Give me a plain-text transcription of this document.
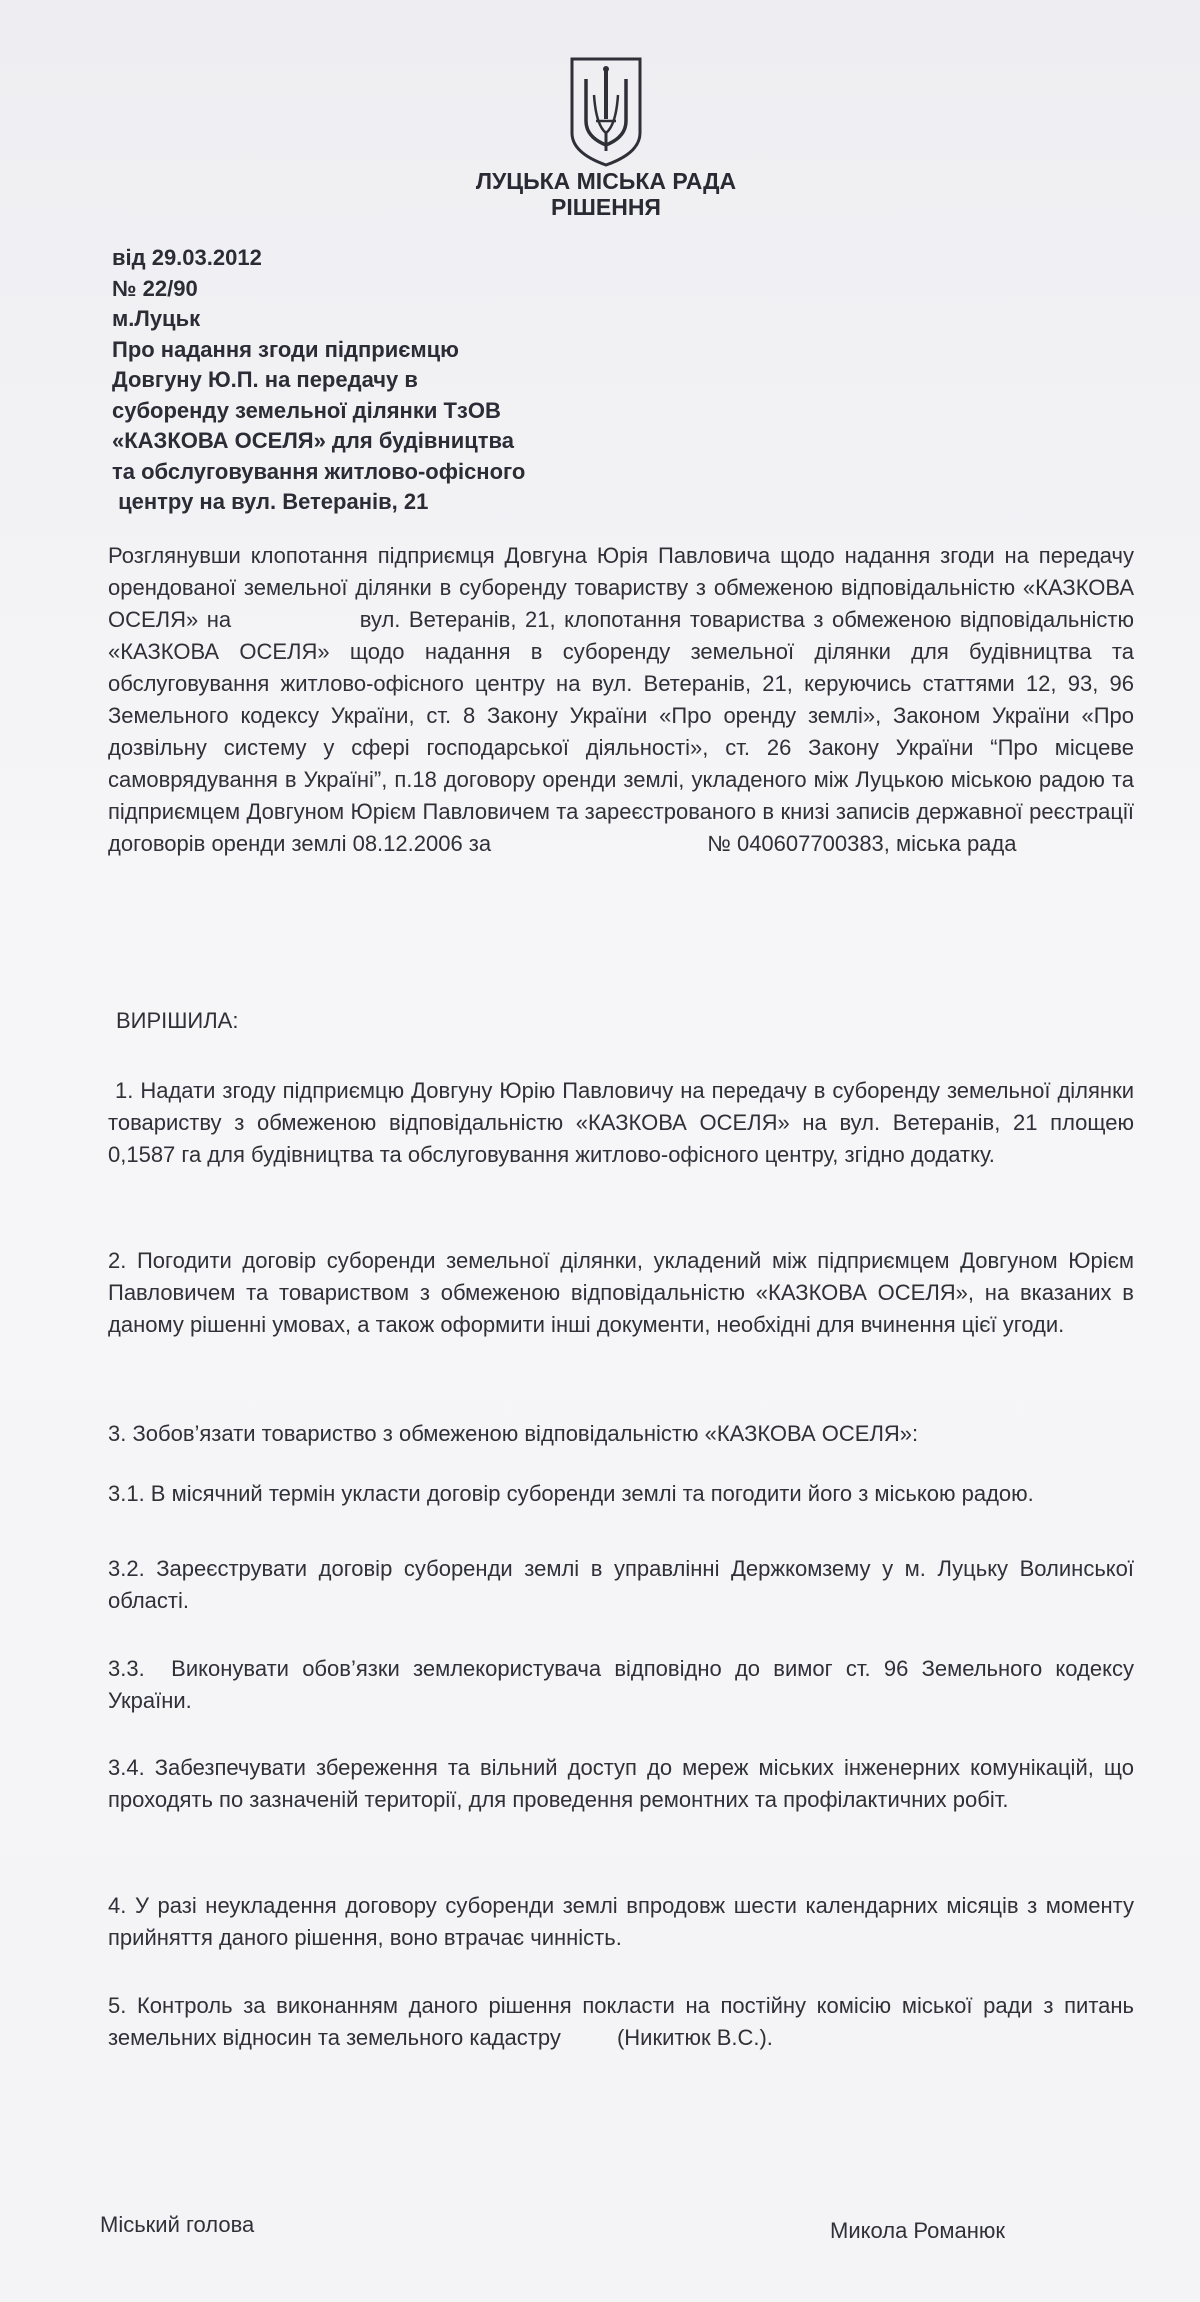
ЛУЦЬКА МІСЬКА РАДА
РІШЕННЯ
від 29.03.2012
№ 22/90
м.Луцьк
Про надання згоди підприємцю
Довгуну Ю.П. на передачу в
суборенду земельної ділянки ТзОВ
«КАЗКОВА ОСЕЛЯ» для будівництва
та обслуговування житлово-офісного
центру на вул. Ветеранів, 21

Розглянувши клопотання підприємця Довгуна Юрія Павловича щодо надання згоди на передачу орендованої земельної ділянки в суборенду товариству з обмеженою відповідальністю «КАЗКОВА ОСЕЛЯ» на	вул. Ветеранів, 21, клопотання товариства з обмеженою відповідальністю «КАЗКОВА ОСЕЛЯ» щодо надання в суборенду земельної ділянки для будівництва та обслуговування житлово-офісного центру на вул. Ветеранів, 21, керуючись статтями 12, 93, 96 Земельного кодексу України, ст. 8 Закону України «Про оренду землі», Законом України «Про дозвільну систему у сфері господарської діяльності», ст. 26 Закону України “Про місцеве самоврядування в Україні”, п.18 договору оренди землі, укладеного між Луцькою міською радою та підприємцем Довгуном Юрієм Павловичем та зареєстрованого в книзі записів державної реєстрації договорів оренди землі 08.12.2006 за	№ 040607700383, міська рада

ВИРІШИЛА:

1. Надати згоду підприємцю Довгуну Юрію Павловичу на передачу в суборенду земельної ділянки товариству з обмеженою відповідальністю «КАЗКОВА ОСЕЛЯ» на вул. Ветеранів, 21 площею  0,1587 га для будівництва та обслуговування житлово-офісного центру, згідно додатку.

2. Погодити договір суборенди земельної ділянки, укладений між підприємцем Довгуном Юрієм Павловичем та товариством з обмеженою відповідальністю «КАЗКОВА ОСЕЛЯ», на вказаних в даному рішенні умовах, а також оформити інші документи, необхідні для вчинення цієї угоди.

3. Зобов’язати товариство з обмеженою відповідальністю «КАЗКОВА ОСЕЛЯ»:

3.1. В місячний термін укласти договір суборенди землі та погодити його з міською радою.

3.2. Зареєструвати договір суборенди землі в управлінні Держкомзему у м. Луцьку Волинської області.

3.3.  Виконувати обов’язки землекористувача відповідно до вимог ст. 96 Земельного кодексу України.

3.4. Забезпечувати збереження та вільний доступ до мереж міських інженерних комунікацій, що проходять по зазначеній території, для проведення ремонтних та профілактичних робіт.

4. У разі неукладення договору суборенди землі впродовж шести календарних місяців з моменту прийняття даного рішення, воно втрачає чинність.

5. Контроль за виконанням даного рішення покласти на постійну комісію міської ради з питань земельних відносин та земельного кадастру	(Никитюк В.С.).

Міський голова	Микола Романюк
